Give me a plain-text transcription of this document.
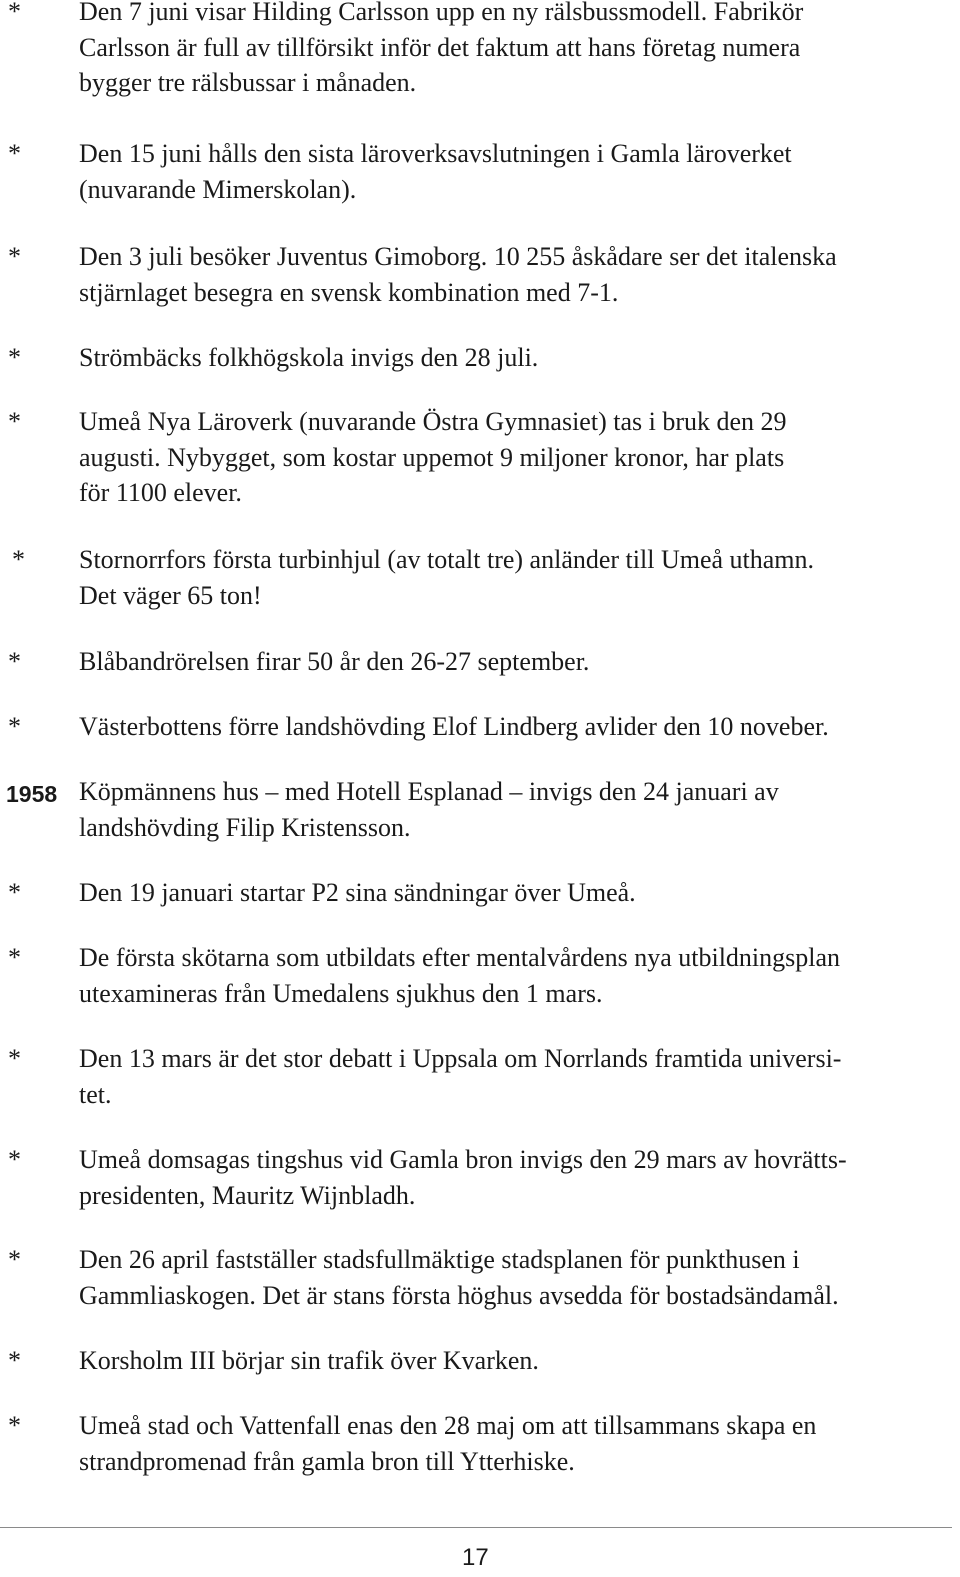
* Den 7 juni visar Hilding Carlsson upp en ny rälsbussmodell. Fabrikör
Carlsson är full av tillförsikt inför det faktum att hans företag numera
bygger tre rälsbussar i månaden.
* Den 15 juni hålls den sista läroverksavslutningen i Gamla läroverket
(nuvarande Mimerskolan).
* Den 3 juli besöker Juventus Gimoborg. 10 255 åskådare ser det italenska
stjärnlaget besegra en svensk kombination med 7-1.
* Strömbäcks folkhögskola invigs den 28 juli.
* Umeå Nya Läroverk (nuvarande Östra Gymnasiet) tas i bruk den 29
augusti. Nybygget, som kostar uppemot 9 miljoner kronor, har plats
för 1100 elever.
* Stornorrfors första turbinhjul (av totalt tre) anländer till Umeå uthamn.
Det väger 65 ton!
* Blåbandrörelsen firar 50 år den 26-27 september.
* Västerbottens förre landshövding Elof Lindberg avlider den 10 noveber.
1958 Köpmännens hus – med Hotell Esplanad – invigs den 24 januari av
landshövding Filip Kristensson.
* Den 19 januari startar P2 sina sändningar över Umeå.
* De första skötarna som utbildats efter mentalvårdens nya utbildningsplan
utexamineras från Umedalens sjukhus den 1 mars.
* Den 13 mars är det stor debatt i Uppsala om Norrlands framtida universi-
tet.
* Umeå domsagas tingshus vid Gamla bron invigs den 29 mars av hovrätts-
presidenten, Mauritz Wijnbladh.
* Den 26 april fastställer stadsfullmäktige stadsplanen för punkthusen i
Gammliaskogen. Det är stans första höghus avsedda för bostadsändamål.
* Korsholm III börjar sin trafik över Kvarken.
* Umeå stad och Vattenfall enas den 28 maj om att tillsammans skapa en
strandpromenad från gamla bron till Ytterhiske.
17
